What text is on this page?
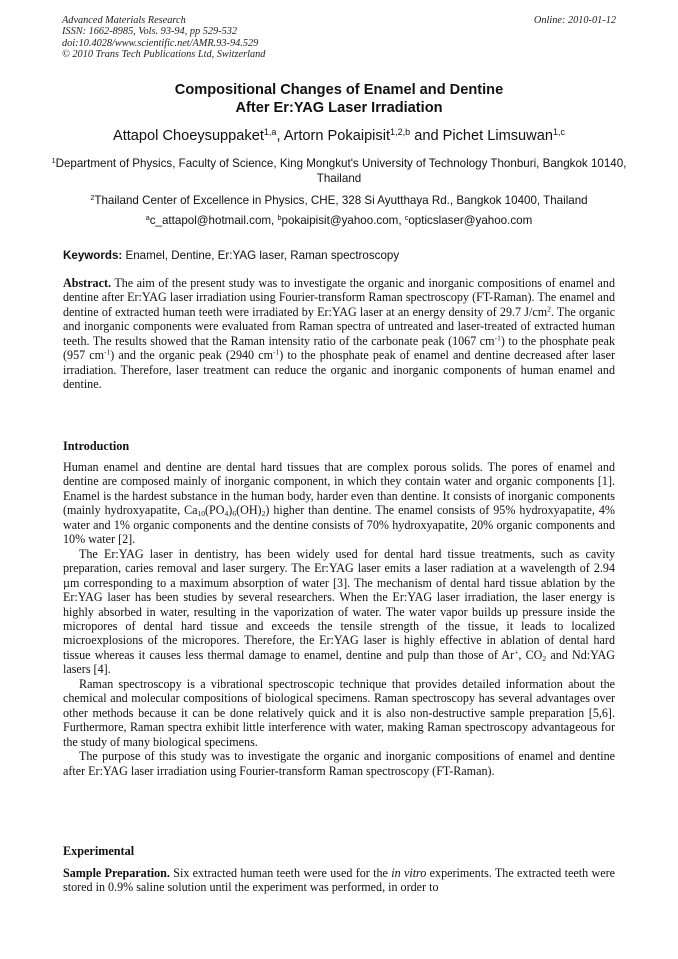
Advanced Materials Research
ISSN: 1662-8985, Vols. 93-94, pp 529-532
doi:10.4028/www.scientific.net/AMR.93-94.529
© 2010 Trans Tech Publications Ltd, Switzerland
Online: 2010-01-12
Compositional Changes of Enamel and Dentine
After Er:YAG Laser Irradiation
Attapol Choeysuppaket$^{1,a}$, Artorn Pokaipisit$^{1,2,b}$ and Pichet Limsuwan$^{1,c}$
$^1$Department of Physics, Faculty of Science, King Mongkut's University of Technology Thonburi, Bangkok 10140, Thailand
$^2$Thailand Center of Excellence in Physics, CHE, 328 Si Ayutthaya Rd., Bangkok 10400, Thailand
$^a$c_attapol@hotmail.com, $^b$pokaipisit@yahoo.com, $^c$opticslaser@yahoo.com
Keywords: Enamel, Dentine, Er:YAG laser, Raman spectroscopy

Abstract. The aim of the present study was to investigate the organic and inorganic compositions of enamel and dentine after Er:YAG laser irradiation using Fourier-transform Raman spectroscopy (FT-Raman). The enamel and dentine of extracted human teeth were irradiated by Er:YAG laser at an energy density of 29.7 $J/cm^2$. The organic and inorganic components were evaluated from Raman spectra of untreated and laser-treated of extracted human teeth. The results showed that the Raman intensity ratio of the carbonate peak (1067 $cm^{-1}$) to the phosphate peak (957 $cm^{-1}$) and the organic peak (2940 $cm^{-1}$) to the phosphate peak of enamel and dentine decreased after laser irradiation. Therefore, laser treatment can reduce the organic and inorganic components of human enamel and dentine.

Introduction

Human enamel and dentine are dental hard tissues that are complex porous solids. The pores of enamel and dentine are composed mainly of inorganic component, in which they contain water and organic components [1]. Enamel is the hardest substance in the human body, harder even than dentine. It consists of inorganic components (mainly hydroxyapatite, $Ca_{10}(PO_4)_6(OH)_2$) higher than dentine. The enamel consists of 95% hydroxyapatite, 4% water and 1% organic components and the dentine consists of 70% hydroxyapatite, 20% organic components and 10% water [2].

The Er:YAG laser in dentistry, has been widely used for dental hard tissue treatments, such as cavity preparation, caries removal and laser surgery. The Er:YAG laser emits a laser radiation at a wavelength of 2.94 µm corresponding to a maximum absorption of water [3]. The mechanism of dental hard tissue ablation by the Er:YAG laser has been studies by several researchers. When the Er:YAG laser irradiation, the laser energy is highly absorbed in water, resulting in the vaporization of water. The water vapor builds up pressure inside the micropores of dental hard tissue and exceeds the tensile strength of the tissue, it leads to localized microexplosions of the micropores. Therefore, the Er:YAG laser is highly effective in ablation of dental hard tissue whereas it causes less thermal damage to enamel, dentine and pulp than those of Ar+, $CO_2$ and Nd:YAG lasers [4].

Raman spectroscopy is a vibrational spectroscopic technique that provides detailed information about the chemical and molecular compositions of biological specimens. Raman spectroscopy has several advantages over other methods because it can be done relatively quick and it is also non-destructive sample preparation [5,6]. Furthermore, Raman spectra exhibit little interference with water, making Raman spectroscopy advantageous for the study of many biological specimens.

The purpose of this study was to investigate the organic and inorganic compositions of enamel and dentine after Er:YAG laser irradiation using Fourier-transform Raman spectroscopy (FT-Raman).

Experimental

Sample Preparation. Six extracted human teeth were used for the in vitro experiments. The extracted teeth were stored in 0.9% saline solution until the experiment was performed, in order to
